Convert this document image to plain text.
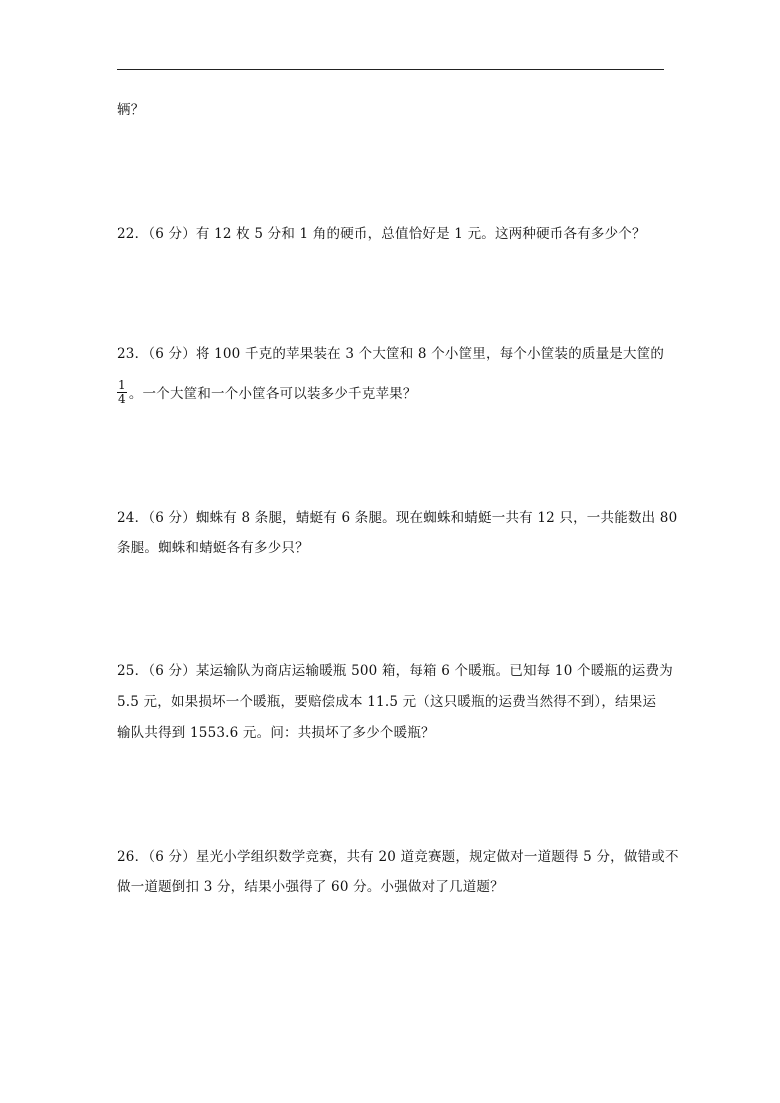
辆？
22．（6 分）有 12 枚 5 分和 1 角的硬币，总值恰好是 1 元。这两种硬币各有多少个？
23．（6 分）将 100 千克的苹果装在 3 个大筐和 8 个小筐里，每个小筐装的质量是大筐的
$\frac{1}{4}$ 。一个大筐和一个小筐各可以装多少千克苹果？
24．（6 分）蜘蛛有 8 条腿，蜻蜓有 6 条腿。现在蜘蛛和蜻蜓一共有 12 只，一共能数出 80
条腿。蜘蛛和蜻蜓各有多少只？
25．（6 分）某运输队为商店运输暖瓶 500 箱，每箱 6 个暖瓶。已知每 10 个暖瓶的运费为
5.5 元，如果损坏一个暖瓶，要赔偿成本 11.5 元（这只暖瓶的运费当然得不到），结果运
输队共得到 1553.6 元。问：共损坏了多少个暖瓶？
26．（6 分）星光小学组织数学竞赛，共有 20 道竞赛题，规定做对一道题得 5 分，做错或不
做一道题倒扣 3 分，结果小强得了 60 分。小强做对了几道题？
